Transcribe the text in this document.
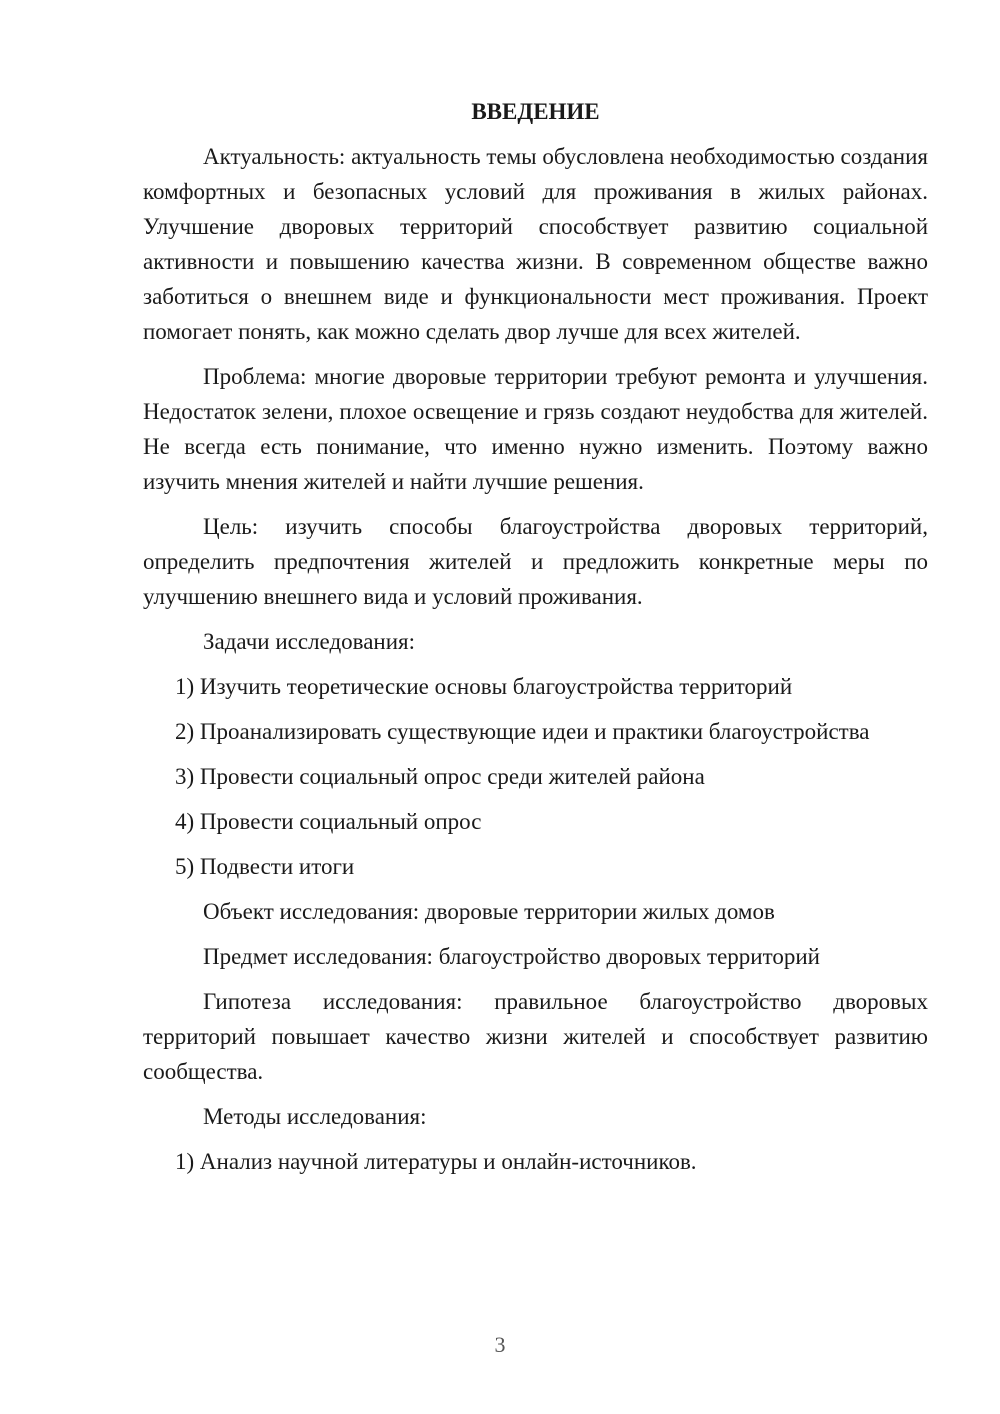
ВВЕДЕНИЕ

Актуальность: актуальность темы обусловлена необходимостью создания комфортных и безопасных условий для проживания в жилых районах. Улучшение дворовых территорий способствует развитию социальной активности и повышению качества жизни. В современном обществе важно заботиться о внешнем виде и функциональности мест проживания. Проект помогает понять, как можно сделать двор лучше для всех жителей.

Проблема: многие дворовые территории требуют ремонта и улучшения. Недостаток зелени, плохое освещение и грязь создают неудобства для жителей. Не всегда есть понимание, что именно нужно изменить. Поэтому важно изучить мнения жителей и найти лучшие решения.

Цель: изучить способы благоустройства дворовых территорий, определить предпочтения жителей и предложить конкретные меры по улучшению внешнего вида и условий проживания.

Задачи исследования:

1) Изучить теоретические основы благоустройства территорий

2) Проанализировать существующие идеи и практики благоустройства

3) Провести социальный опрос среди жителей района

4) Провести социальный опрос

5) Подвести итоги

Объект исследования: дворовые территории жилых домов

Предмет исследования: благоустройство дворовых территорий

Гипотеза исследования: правильное благоустройство дворовых территорий повышает качество жизни жителей и способствует развитию сообщества.

Методы исследования:

1) Анализ научной литературы и онлайн-источников.

3
